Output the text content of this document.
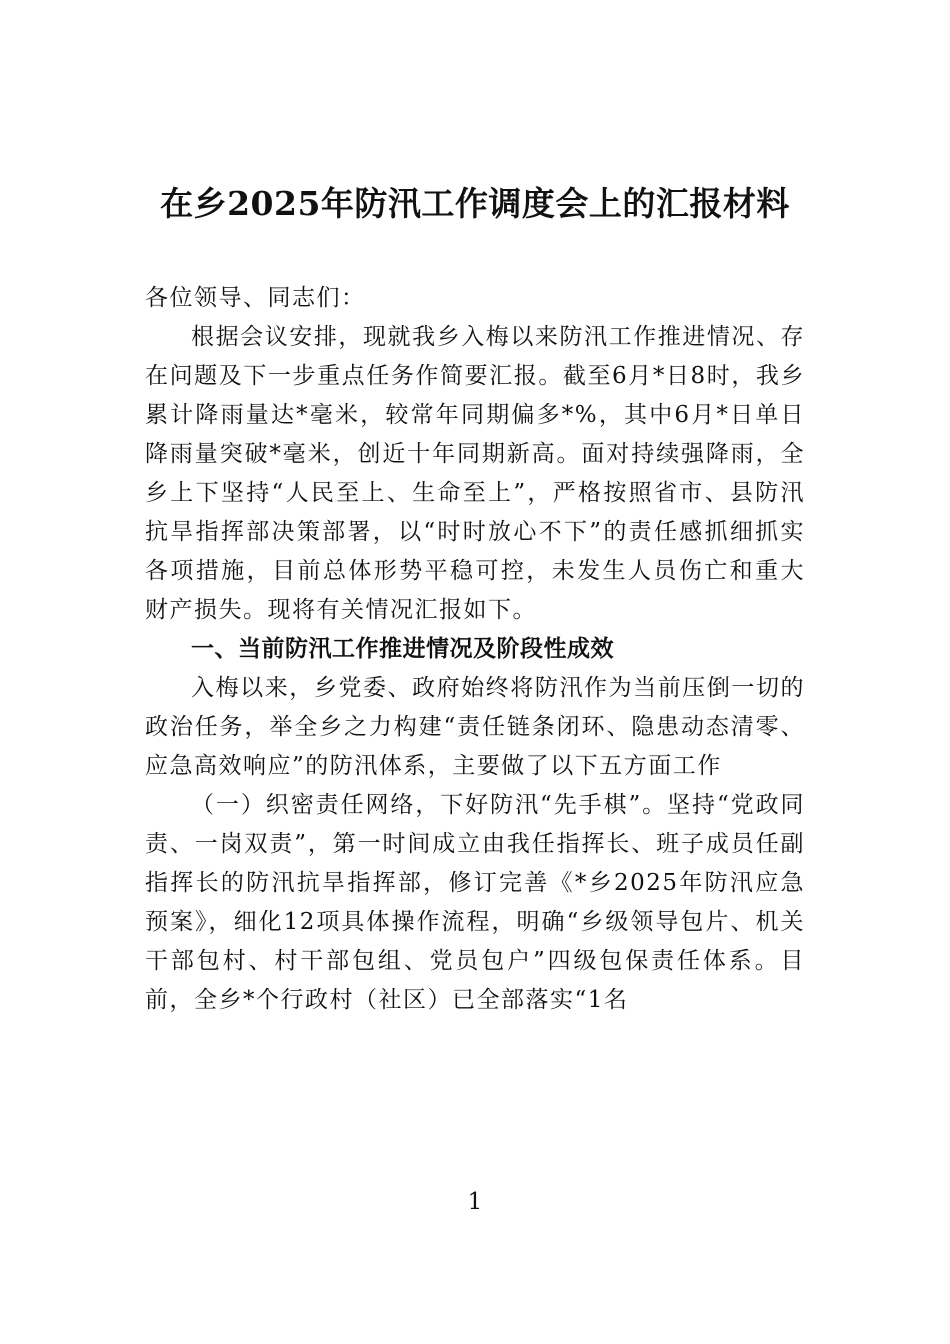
在乡2025年防汛工作调度会上的汇报材料

各位领导、同志们：

根据会议安排，现就我乡入梅以来防汛工作推进情况、存在问题及下一步重点任务作简要汇报。截至6月*日8时，我乡累计降雨量达*毫米，较常年同期偏多*%，其中6月*日单日降雨量突破*毫米，创近十年同期新高。面对持续强降雨，全乡上下坚持“人民至上、生命至上”，严格按照省市、县防汛抗旱指挥部决策部署，以“时时放心不下”的责任感抓细抓实各项措施，目前总体形势平稳可控，未发生人员伤亡和重大财产损失。现将有关情况汇报如下。

一、当前防汛工作推进情况及阶段性成效

入梅以来，乡党委、政府始终将防汛作为当前压倒一切的政治任务，举全乡之力构建“责任链条闭环、隐患动态清零、应急高效响应”的防汛体系，主要做了以下五方面工作

（一）织密责任网络，下好防汛“先手棋”。坚持“党政同责、一岗双责”，第一时间成立由我任指挥长、班子成员任副指挥长的防汛抗旱指挥部，修订完善《*乡2025年防汛应急预案》，细化12项具体操作流程，明确“乡级领导包片、机关干部包村、村干部包组、党员包户”四级包保责任体系。目前，全乡*个行政村（社区）已全部落实“1名

1
